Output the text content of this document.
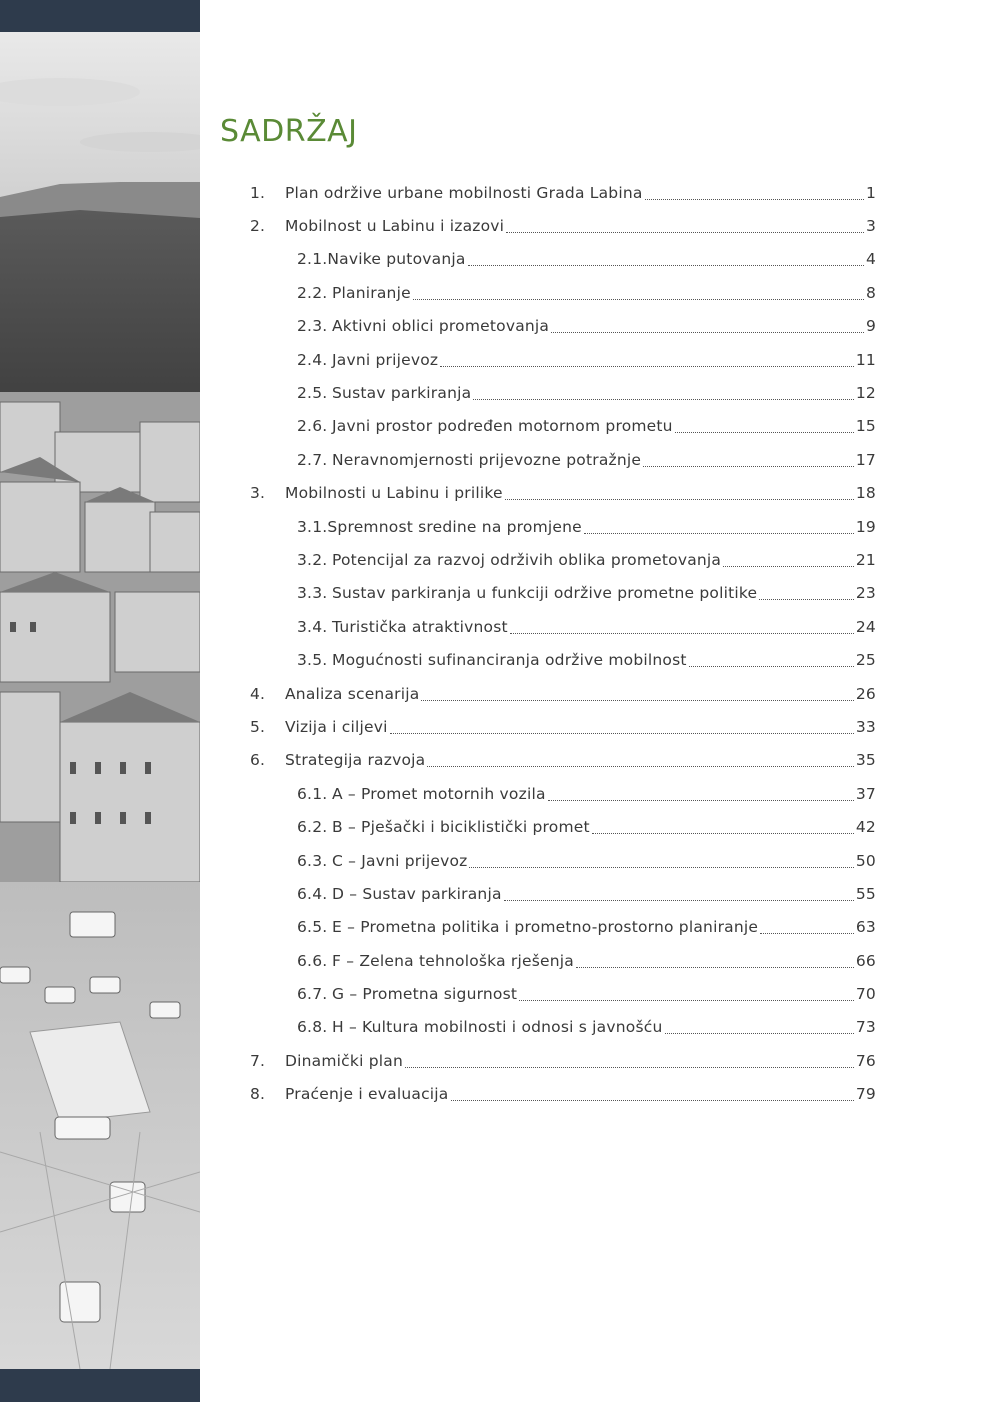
SADRŽAJ
1.	Plan održive urbane mobilnosti Grada Labina	1
2.	Mobilnost u Labinu i izazovi	3
2.1. Navike putovanja	4
2.2. Planiranje	8
2.3. Aktivni oblici prometovanja	9
2.4. Javni prijevoz	11
2.5. Sustav parkiranja	12
2.6. Javni prostor podređen motornom prometu	15
2.7. Neravnomjernosti prijevozne potražnje	17
3.	Mobilnosti u Labinu i prilike	18
3.1. Spremnost sredine na promjene	19
3.2. Potencijal za razvoj održivih oblika prometovanja	21
3.3. Sustav parkiranja u funkciji održive prometne politike	23
3.4. Turistička atraktivnost	24
3.5. Mogućnosti sufinanciranja održive mobilnost	25
4.	Analiza scenarija	26
5.	Vizija i ciljevi	33
6.	Strategija razvoja	35
6.1. A – Promet motornih vozila	37
6.2. B – Pješački i biciklistički promet	42
6.3. C – Javni prijevoz	50
6.4. D – Sustav parkiranja	55
6.5. E – Prometna politika i prometno-prostorno planiranje	63
6.6. F – Zelena tehnološka rješenja	66
6.7. G – Prometna sigurnost	70
6.8. H – Kultura mobilnosti i odnosi s javnošću	73
7.	Dinamički plan	76
8.	Praćenje i evaluacija	79
